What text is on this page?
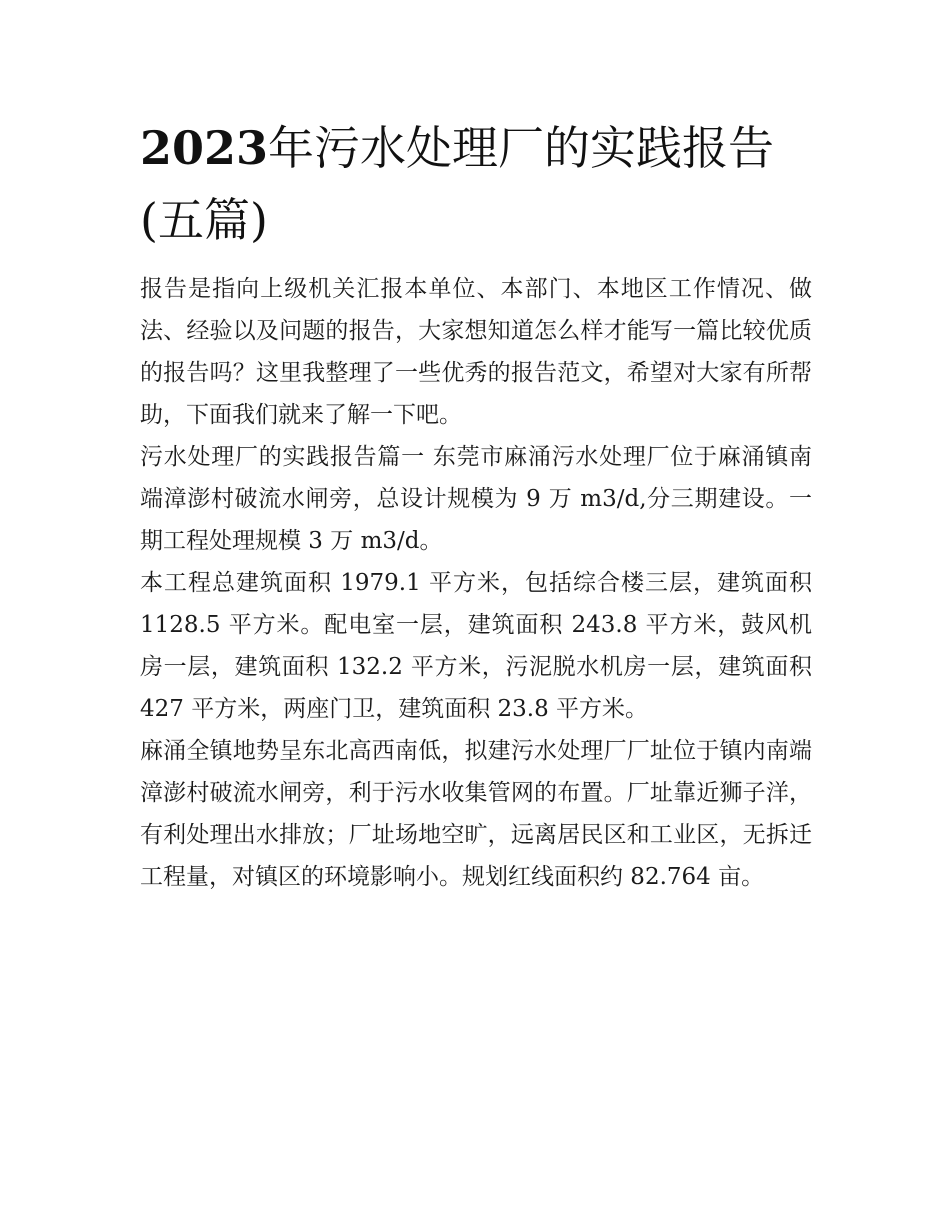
2023年污水处理厂的实践报告(五篇)

报告是指向上级机关汇报本单位、本部门、本地区工作情况、做法、经验以及问题的报告，大家想知道怎么样才能写一篇比较优质的报告吗？这里我整理了一些优秀的报告范文，希望对大家有所帮助，下面我们就来了解一下吧。

污水处理厂的实践报告篇一 东莞市麻涌污水处理厂位于麻涌镇南端漳澎村破流水闸旁，总设计规模为 9 万 m3/d,分三期建设。一期工程处理规模 3 万 m3/d。

本工程总建筑面积 1979.1 平方米，包括综合楼三层，建筑面积 1128.5 平方米。配电室一层，建筑面积 243.8 平方米，鼓风机房一层，建筑面积 132.2 平方米，污泥脱水机房一层，建筑面积 427 平方米，两座门卫，建筑面积 23.8 平方米。

麻涌全镇地势呈东北高西南低，拟建污水处理厂厂址位于镇内南端漳澎村破流水闸旁，利于污水收集管网的布置。厂址靠近狮子洋，有利处理出水排放；厂址场地空旷，远离居民区和工业区，无拆迁工程量，对镇区的环境影响小。规划红线面积约 82.764 亩。
